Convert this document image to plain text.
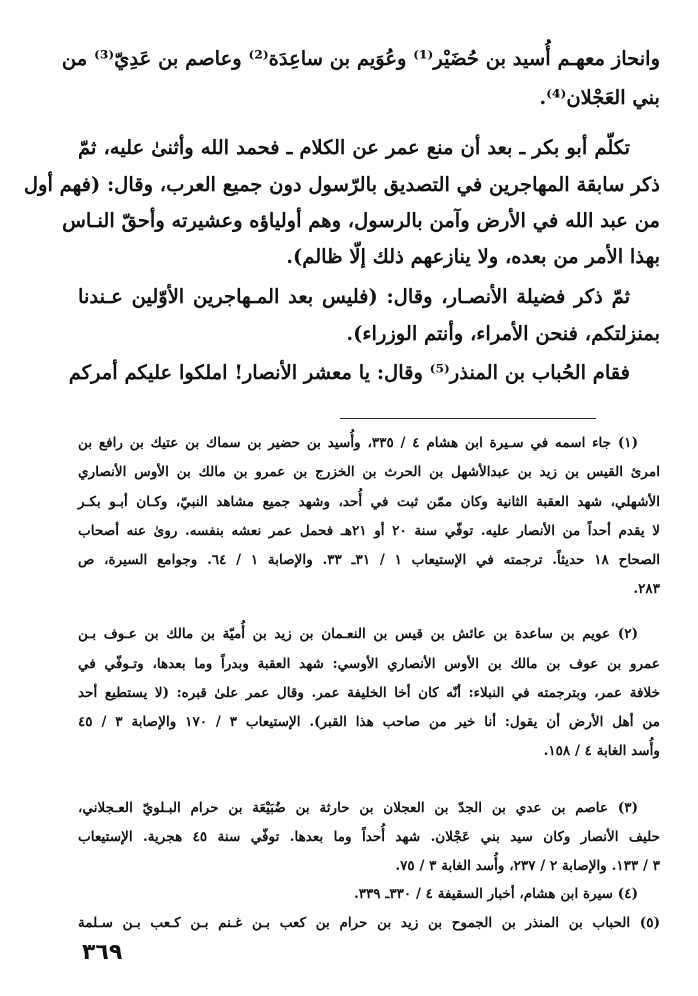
وانحاز معهـم أُسيد بن حُضَيْر⁽¹⁾ وعُوَيم بن ساعِدَة⁽²⁾ وعاصم بن عَدِيّ⁽³⁾ من
بني العَجْلان⁽⁴⁾.
تكلّم أبو بكر ـ بعد أن منع عمر عن الكلام ـ فحمد الله وأثنىٰ عليه، ثمّ
ذكر سابقة المهاجرين في التصديق بالرّسول دون جميع العرب، وقال: (فهم أول
من عبد الله في الأرض وآمن بالرسول، وهم أولياؤه وعشيرته وأحقّ النـاس
بهذا الأمر من بعده، ولا ينازعهم ذلك إلّا ظالم).
ثمّ ذكر فضيلة الأنصـار، وقال: (فليس بعد المـهاجرين الأوّلين عـندنا
بمنزلتكم، فنحن الأمراء، وأنتم الوزراء).
فقام الحُباب بن المنذر⁽⁵⁾ وقال: يا معشر الأنصار! املكوا عليكم أمركم
(١) جاء اسمه في سـيرة ابن هشام ٤ / ٣٣٥، وأُسيد بن حضير بن سماك بن عتيك بن رافع بن
امرئ القيس بن زيد بن عبدالأشهل بن الحرث بن الخزرج بن عمرو بن مالك بن الأوس الأنصاري
الأشهلي، شهد العقبة الثانية وكان ممّن ثبت في أُحد، وشهد جميع مشاهد النبيّ، وكـان أبـو بكـر
لا يقدم أحداً من الأنصار عليه. توفّي سنة ٢٠ أو ٢١هـ فحمل عمر نعشه بنفسه. روىٰ عنه أصحاب
الصحاح ١٨ حديثاً. ترجمته في الإستيعاب ١ / ٣١ـ ٣٣. والإصابة ١ / ٦٤. وجوامع السيرة، ص
٢٨٣.
(٢) عويم بن ساعدة بن عائش بن قيس بن النعـمان بن زيد بن أُميّة بن مالك بن عـوف بـن
عمرو بن عوف بن مالك بن الأوس الأنصاري الأوسي: شهد العقبة وبدراً وما بعدها، وتـوفّي في
خلافة عمر، وبترجمته في النبلاء: أنّه كان أخا الخليفة عمر. وقال عمر علىٰ قبره: (لا يستطيع أحد
من أهل الأرض أن يقول: أنا خير من صاحب هذا القبر). الإستيعاب ٣ / ١٧٠ والإصابة ٣ / ٤٥
وأُسد الغابة ٤ / ١٥٨.
(٣) عاصم بن عدي بن الجدّ بن العجلان بن حارثة بن ضُبَيْعَة بن حرام البـلويّ العـجلاني،
حليف الأنصار وكان سيد بني عَجْلان. شهد أُحداً وما بعدها. توفّي سنة ٤٥ هجرية. الإستيعاب
٣ / ١٣٣. والإصابة ٢ / ٢٣٧، وأُسد الغابة ٣ / ٧٥.
(٤) سيرة ابن هشام، أخبار السقيفة ٤ / ٣٣٠ـ ٣٣٩.
(٥) الحباب بن المنذر بن الجموح بن زيد بن حرام بن كعب بـن غـنم بـن كـعب بـن سـلمة
٣٦٩
